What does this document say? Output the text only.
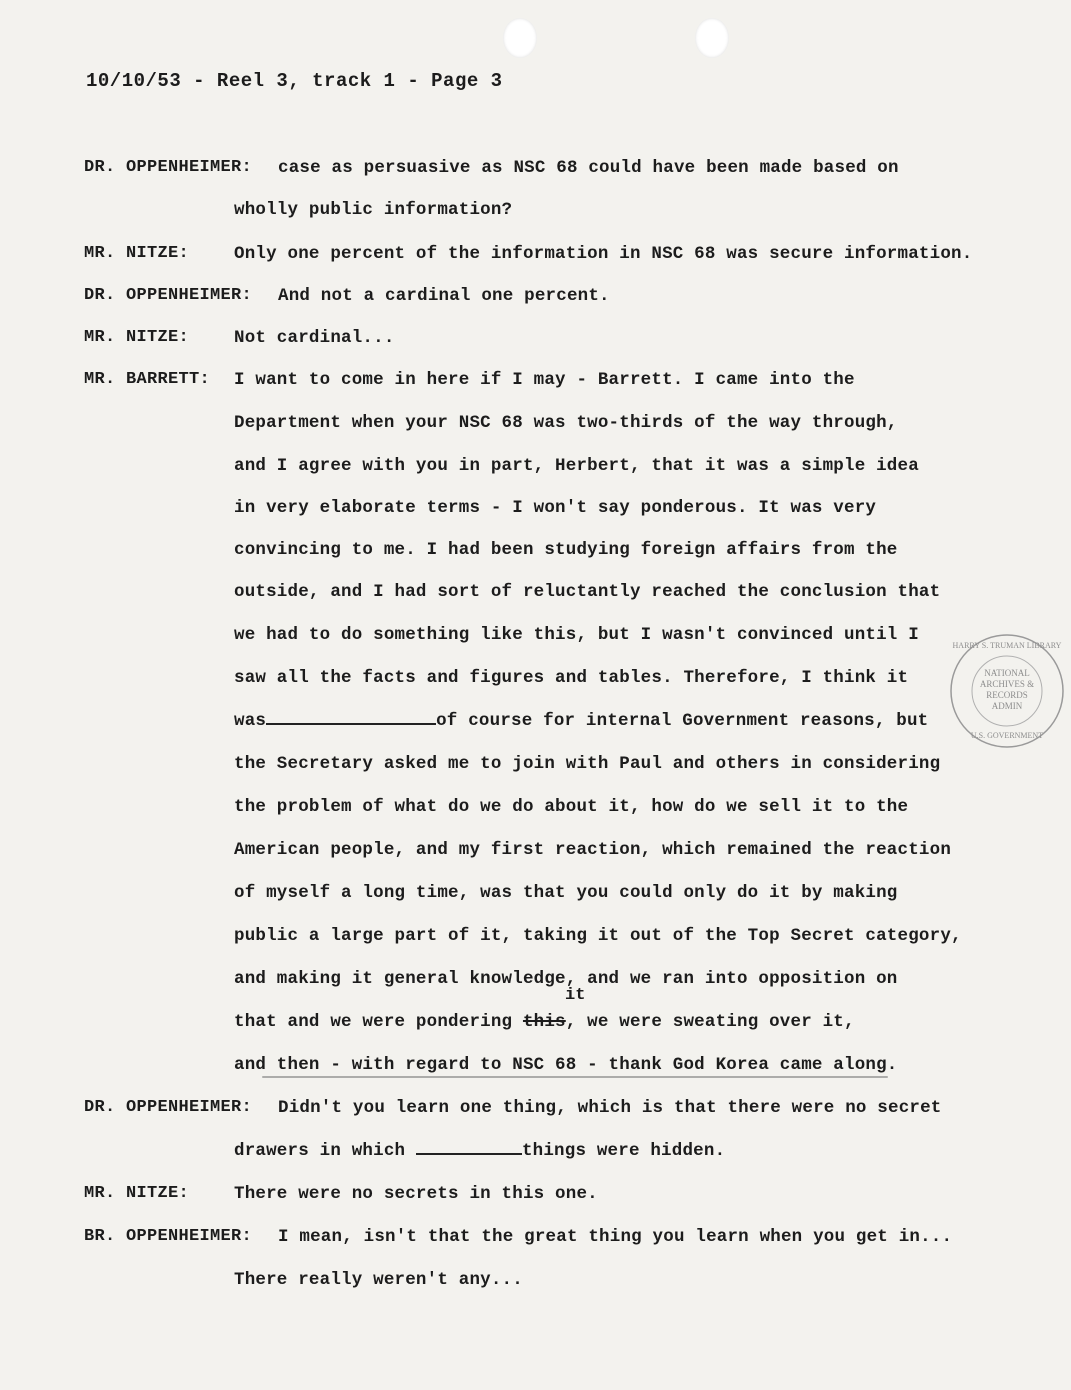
10/10/53 - Reel 3, track 1 - Page 3
DR. OPPENHEIMER: case as persuasive as NSC 68 could have been made based on
wholly public information?
MR. NITZE:	Only one percent of the information in NSC 68 was secure information.
DR. OPPENHEIMER: And not a cardinal one percent.
MR. NITZE:	Not cardinal...
MR. BARRETT: I want to come in here if I may - Barrett. I came into the
Department when your NSC 68 was two-thirds of the way through,
and I agree with you in part, Herbert, that it was a simple idea
in very elaborate terms - I won't say ponderous. It was very
convincing to me. I had been studying foreign affairs from the
outside, and I had sort of reluctantly reached the conclusion that
we had to do something like this, but I wasn't convinced until I
saw all the facts and figures and tables. Therefore, I think it
was	of course for internal Government reasons, but
the Secretary asked me to join with Paul and others in considering
the problem of what do we do about it, how do we sell it to the
American people, and my first reaction, which remained the reaction
of myself a long time, was that you could only do it by making
public a large part of it, taking it out of the Top Secret category,
and making it general knowledge, and we ran into opposition on
it
that and we were pondering this, we were sweating over it,
and then - with regard to NSC 68 - thank God Korea came along.
DR. OPPENHEIMER: Didn't you learn one thing, which is that there were no secret
drawers in which	things were hidden.
MR. NITZE:	There were no secrets in this one.
BR. OPPENHEIMER: I mean, isn't that the great thing you learn when you get in...
There really weren't any...
HARRY S. TRUMAN LIBRARY
NATIONAL
ARCHIVES &
RECORDS
ADMIN
U.S. GOVERNMENT
